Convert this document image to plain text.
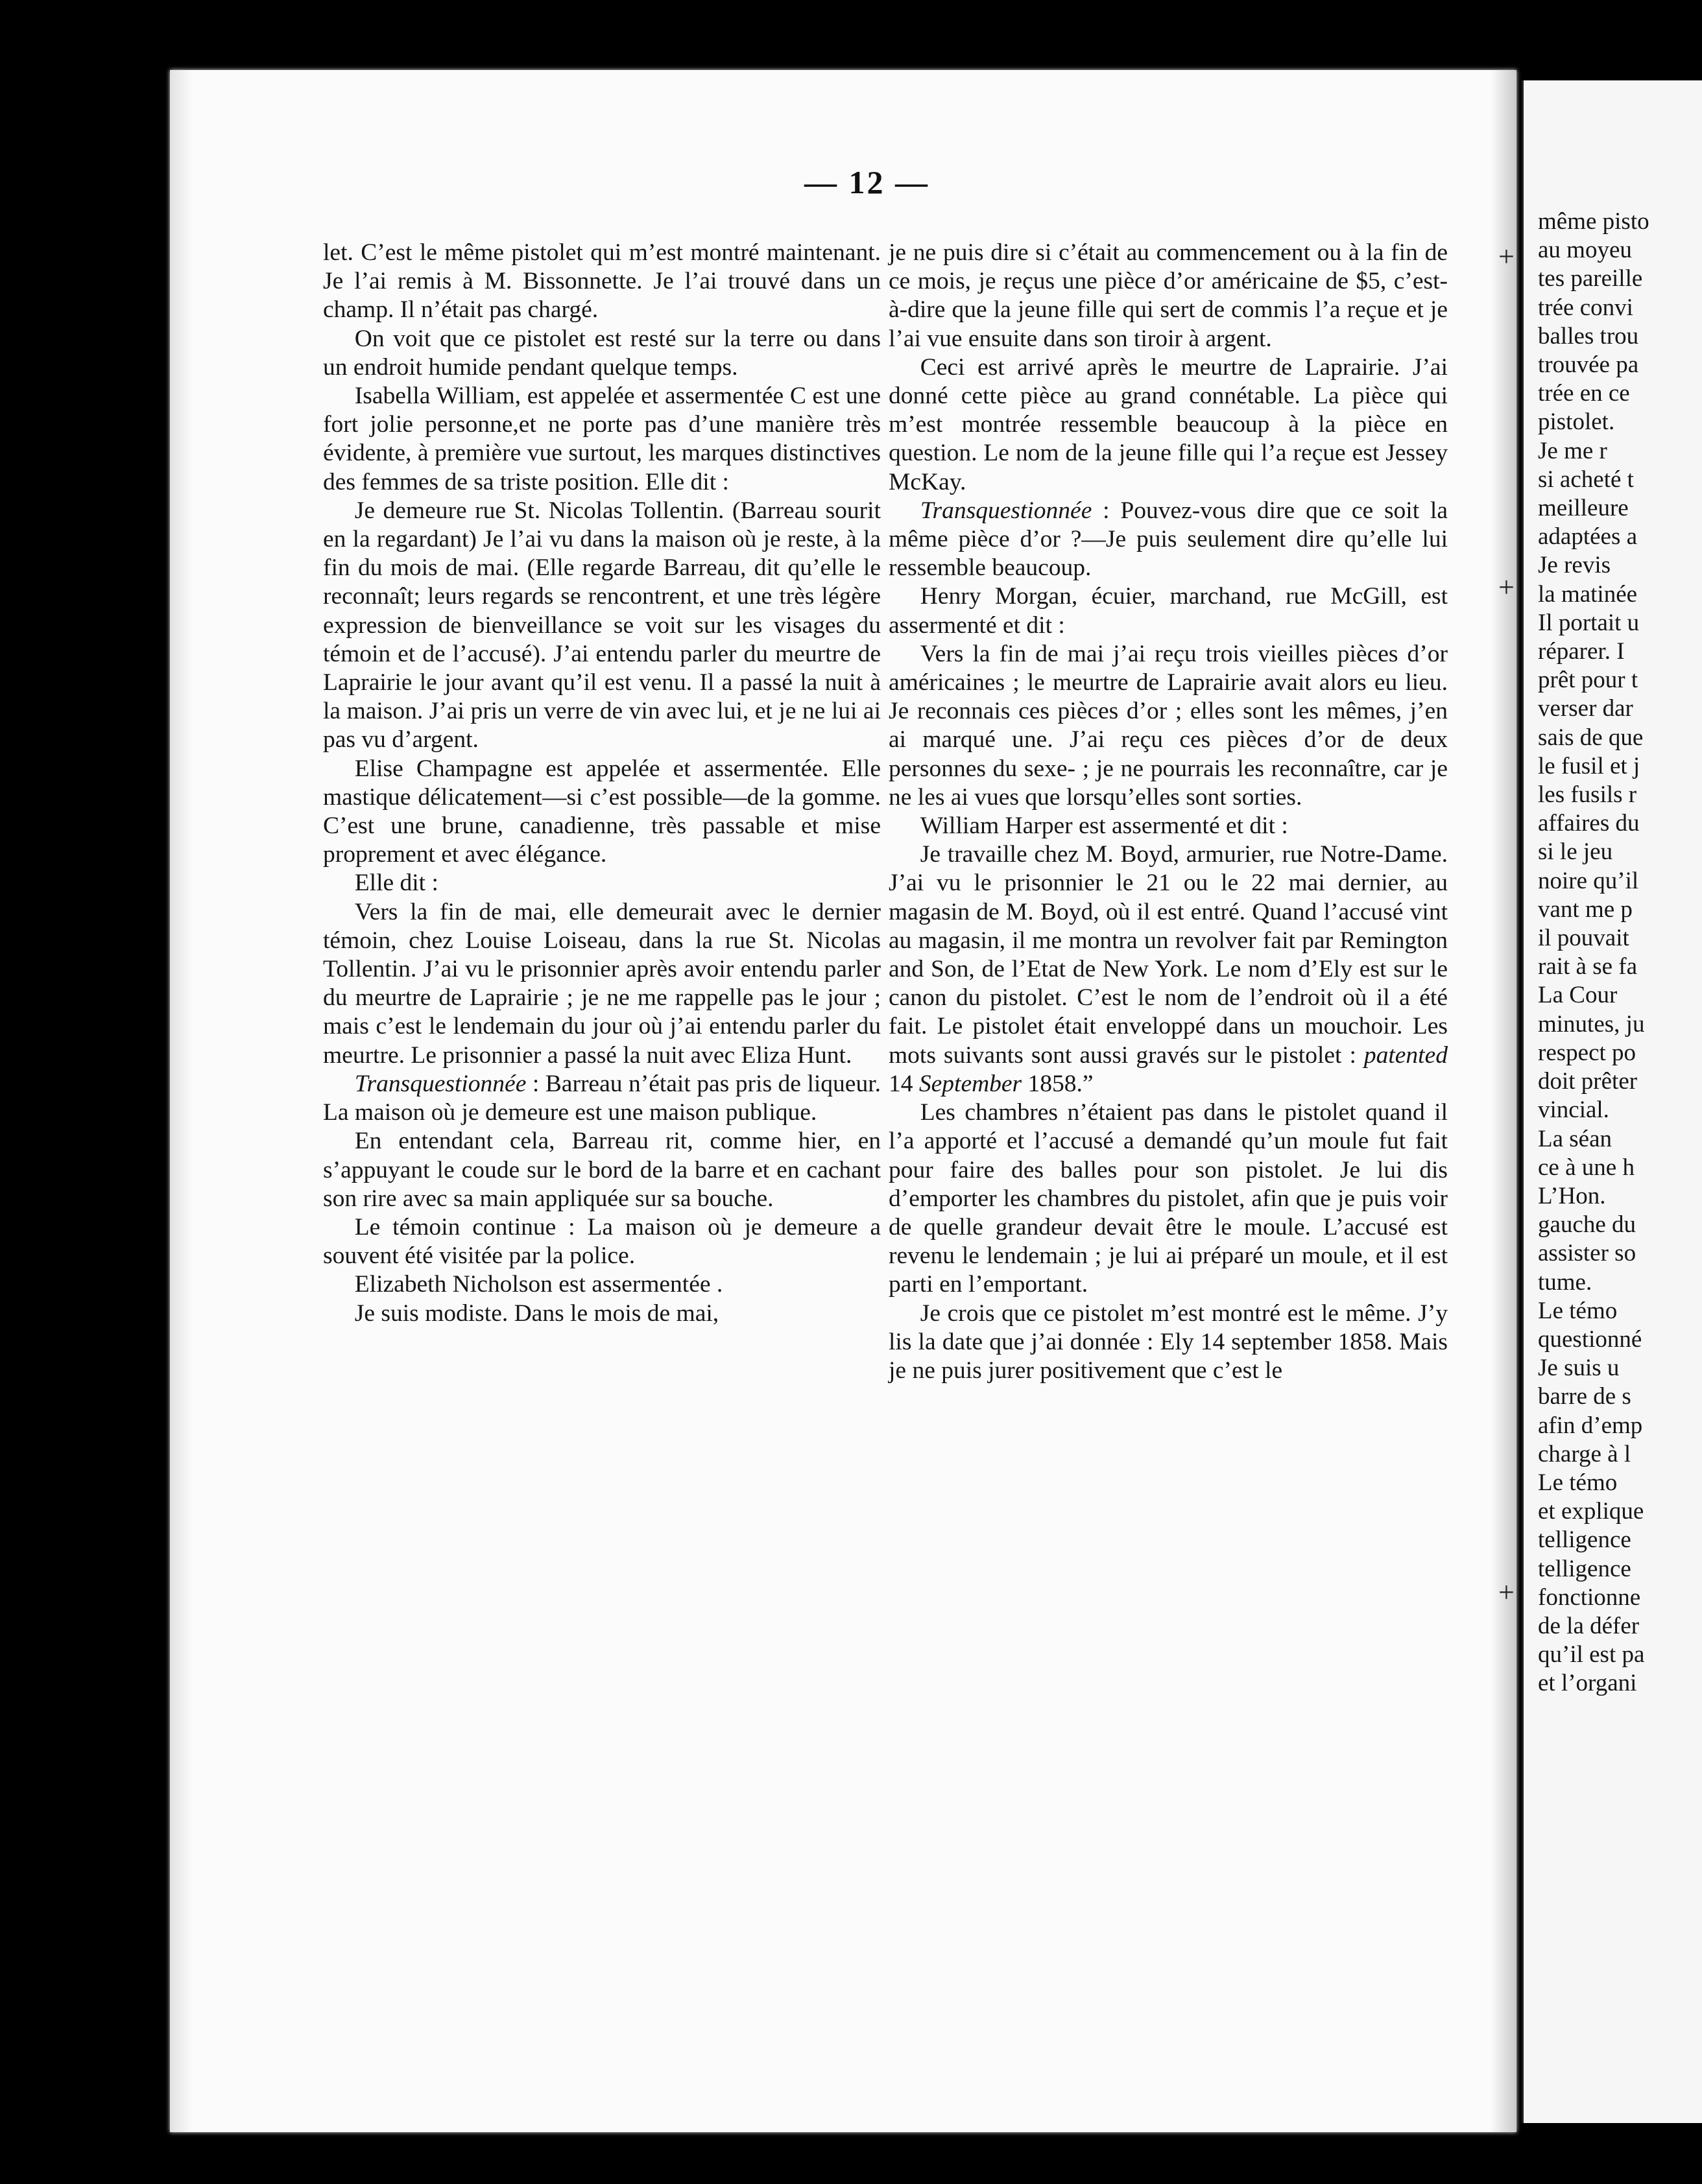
même pisto

au moyeu

tes pareille

trée convi

balles trou

trouvée pa

trée en ce

pistolet.

Je me r

si acheté t

meilleure

adaptées a

Je revis

la matinée

Il portait u

réparer. I

prêt pour t

verser dar

sais de que

le fusil et j

les fusils r

affaires du

si le jeu

noire qu’il

vant me p

il pouvait

rait à se fa

La Cour

minutes, ju

respect po

doit prêter

vincial.

La séan

ce à une h

L’Hon.

gauche du

assister so

tume.

Le témo

questionné

Je suis u

barre de s

afin d’emp

charge à l

Le témo

et explique

telligence

telligence

fonctionne

de la défer

qu’il est pa

et l’organi

— 12 —

let. C’est le même pistolet qui m’est montré maintenant. Je l’ai remis à M. Bissonnette. Je l’ai trouvé dans un champ. Il n’était pas chargé.

On voit que ce pistolet est resté sur la terre ou dans un endroit humide pendant quelque temps.

Isabella William, est appelée et assermentée C est une fort jolie personne,et ne porte pas d’une manière très évidente, à première vue surtout, les marques distinctives des femmes de sa triste position. Elle dit :

Je demeure rue St. Nicolas Tollentin. (Barreau sourit en la regardant) Je l’ai vu dans la maison où je reste, à la fin du mois de mai. (Elle regarde Barreau, dit qu’elle le reconnaît; leurs regards se rencontrent, et une très légère expression de bienveillance se voit sur les visages du témoin et de l’accusé). J’ai entendu parler du meurtre de Laprairie le jour avant qu’il est venu. Il a passé la nuit à la maison. J’ai pris un verre de vin avec lui, et je ne lui ai pas vu d’argent.

Elise Champagne est appelée et assermentée. Elle mastique délicatement—si c’est possible—de la gomme. C’est une brune, canadienne, très passable et mise proprement et avec élégance.

Elle dit :

Vers la fin de mai, elle demeurait avec le dernier témoin, chez Louise Loiseau, dans la rue St. Nicolas Tollentin. J’ai vu le prisonnier après avoir entendu parler du meurtre de Laprairie ; je ne me rappelle pas le jour ; mais c’est le lendemain du jour où j’ai entendu parler du meurtre. Le prisonnier a passé la nuit avec Eliza Hunt.

Transquestionnée : Barreau n’était pas pris de liqueur. La maison où je demeure est une maison publique.

En entendant cela, Barreau rit, comme hier, en s’appuyant le coude sur le bord de la barre et en cachant son rire avec sa main appliquée sur sa bouche.

Le témoin continue : La maison où je demeure a souvent été visitée par la police.

Elizabeth Nicholson est assermentée .

Je suis modiste. Dans le mois de mai,

je ne puis dire si c’était au commencement ou à la fin de ce mois, je reçus une pièce d’or américaine de $5, c’est-à-dire que la jeune fille qui sert de commis l’a reçue et je l’ai vue ensuite dans son tiroir à argent.

Ceci est arrivé après le meurtre de Laprairie. J’ai donné cette pièce au grand connétable. La pièce qui m’est montrée ressemble beaucoup à la pièce en question. Le nom de la jeune fille qui l’a reçue est Jessey McKay.

Transquestionnée : Pouvez-vous dire que ce soit la même pièce d’or ?—Je puis seulement dire qu’elle lui ressemble beaucoup.

Henry Morgan, écuier, marchand, rue McGill, est assermenté et dit :

Vers la fin de mai j’ai reçu trois vieilles pièces d’or américaines ; le meurtre de Laprairie avait alors eu lieu. Je reconnais ces pièces d’or ; elles sont les mêmes, j’en ai marqué une. J’ai reçu ces pièces d’or de deux personnes du sexe- ; je ne pourrais les reconnaître, car je ne les ai vues que lorsqu’elles sont sorties.

William Harper est assermenté et dit :

Je travaille chez M. Boyd, armurier, rue Notre-Dame. J’ai vu le prisonnier le 21 ou le 22 mai dernier, au magasin de M. Boyd, où il est entré. Quand l’accusé vint au magasin, il me montra un revolver fait par Remington and Son, de l’Etat de New York. Le nom d’Ely est sur le canon du pistolet. C’est le nom de l’endroit où il a été fait. Le pistolet était enveloppé dans un mouchoir. Les mots suivants sont aussi gravés sur le pistolet : patented 14 September 1858.”

Les chambres n’étaient pas dans le pistolet quand il l’a apporté et l’accusé a demandé qu’un moule fut fait pour faire des balles pour son pistolet. Je lui dis d’emporter les chambres du pistolet, afin que je puis voir de quelle grandeur devait être le moule. L’accusé est revenu le lendemain ; je lui ai préparé un moule, et il est parti en l’emportant.

Je crois que ce pistolet m’est montré est le même. J’y lis la date que j’ai donnée : Ely 14 september 1858. Mais je ne puis jurer positivement que c’est le

+
+
+
